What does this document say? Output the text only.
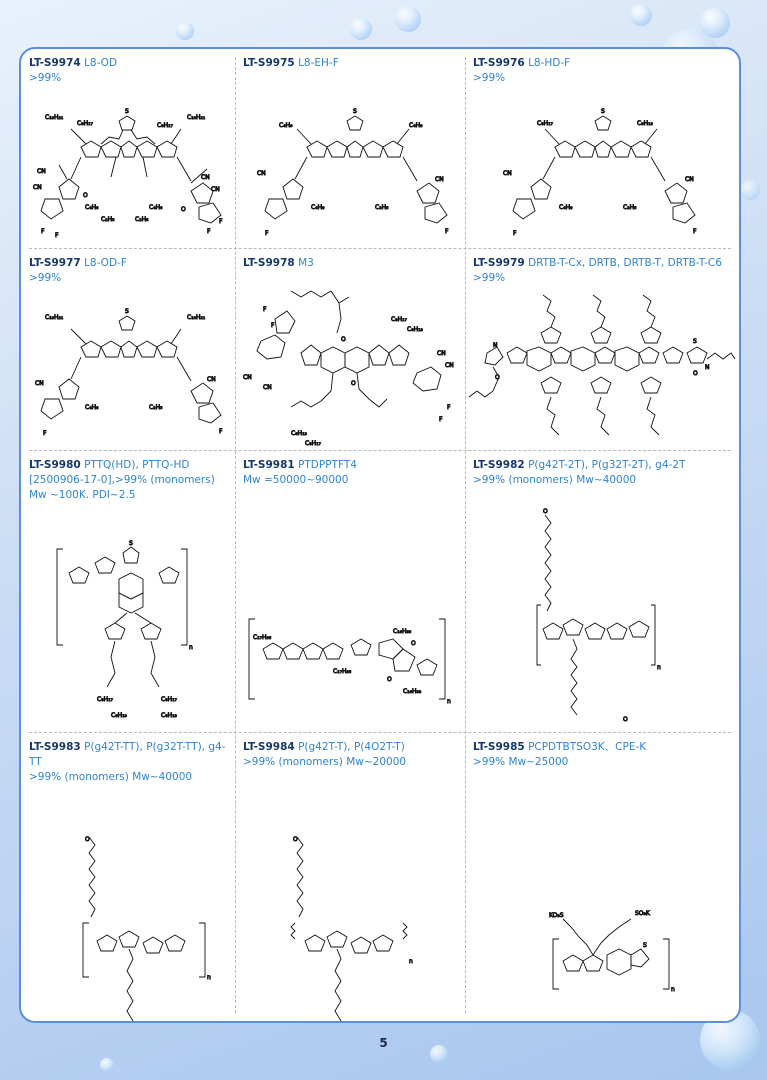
LT-S9974 L8-OD
>99%
LT-S9975 L8-EH-F	LT-S9976 L8-HD-F
>99%
LT-S9977 L8-OD-F
>99%
LT-S9978 M3	LT-S9979 DRTB-T-Cx, DRTB, DRTB-T, DRTB-T-C6
>99%
LT-S9980 PTTQ(HD), PTTQ-HD
[2500906-17-0],>99% (monomers)
Mw ~100K. PDI~2.5
LT-S9981 PTDPPTFT4
Mw =50000~90000
LT-S9982 P(g42T-2T), P(g32T-2T), g4-2T
>99% (monomers) Mw~40000
LT-S9983 P(g42T-TT), P(g32T-TT), g4-TT
>99% (monomers) Mw~40000
LT-S9984 P(g42T-T), P(4O2T-T)
>99% (monomers) Mw~20000
LT-S9985 PCPDTBTSO3K、CPE-K
>99% Mw~25000
C₁₀H₂₁
C₈H₁₇
C₁₀H₂₁
C₈H₁₇
S
C₄H₉
C₂H₅
C₄H₉
C₂H₅
CN
CN
O
F
F
CN
CN
O
F
F
S
C₄H₉	C₄H₉
C₄H₉	C₂H₅
CN
CN
F	F
S
C₈H₁₇	C₆H₁₃
C₄H₉	C₂H₅
CN
CN
F	F
S
C₁₀H₂₁	C₁₀H₂₁
C₄H₉	C₂H₅
CN
CN
F	F
F
F
CN
CN
O
O
C₈H₁₇
C₆H₁₃
C₆H₁₃
C₈H₁₇
CN
CN
F
F
O
N
S
N
O
n
S
C₈H₁₇
C₆H₁₃
C₈H₁₇
C₆H₁₃
C₁₇H₃₅
C₁₇H₃₅
C₁₆H₃₃
C₁₆H₃₃
O
O
n
O
O
n
O
O
n
O
O
n
KO₃S	SO₃K
S
n
5
